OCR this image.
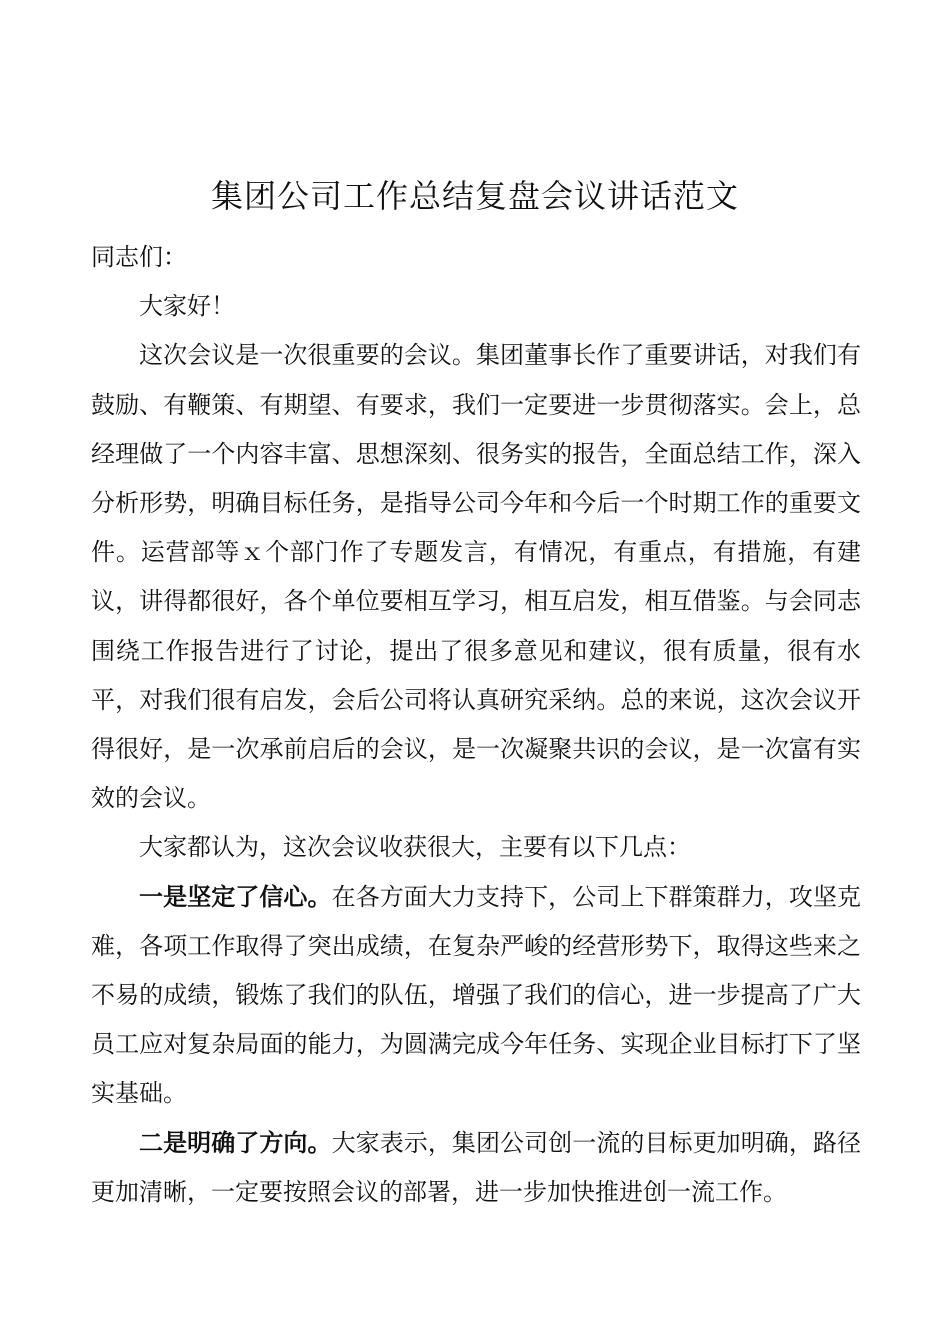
集团公司工作总结复盘会议讲话范文

同志们：

大家好！

这次会议是一次很重要的会议。集团董事长作了重要讲话，对我们有鼓励、有鞭策、有期望、有要求，我们一定要进一步贯彻落实。会上，总经理做了一个内容丰富、思想深刻、很务实的报告，全面总结工作，深入分析形势，明确目标任务，是指导公司今年和今后一个时期工作的重要文件。运营部等ｘ个部门作了专题发言，有情况，有重点，有措施，有建议，讲得都很好，各个单位要相互学习，相互启发，相互借鉴。与会同志围绕工作报告进行了讨论，提出了很多意见和建议，很有质量，很有水平，对我们很有启发，会后公司将认真研究采纳。总的来说，这次会议开得很好，是一次承前启后的会议，是一次凝聚共识的会议，是一次富有实效的会议。

大家都认为，这次会议收获很大，主要有以下几点：

一是坚定了信心。在各方面大力支持下，公司上下群策群力，攻坚克难，各项工作取得了突出成绩，在复杂严峻的经营形势下，取得这些来之不易的成绩，锻炼了我们的队伍，增强了我们的信心，进一步提高了广大员工应对复杂局面的能力，为圆满完成今年任务、实现企业目标打下了坚实基础。

二是明确了方向。大家表示，集团公司创一流的目标更加明确，路径更加清晰，一定要按照会议的部署，进一步加快推进创一流工作。
